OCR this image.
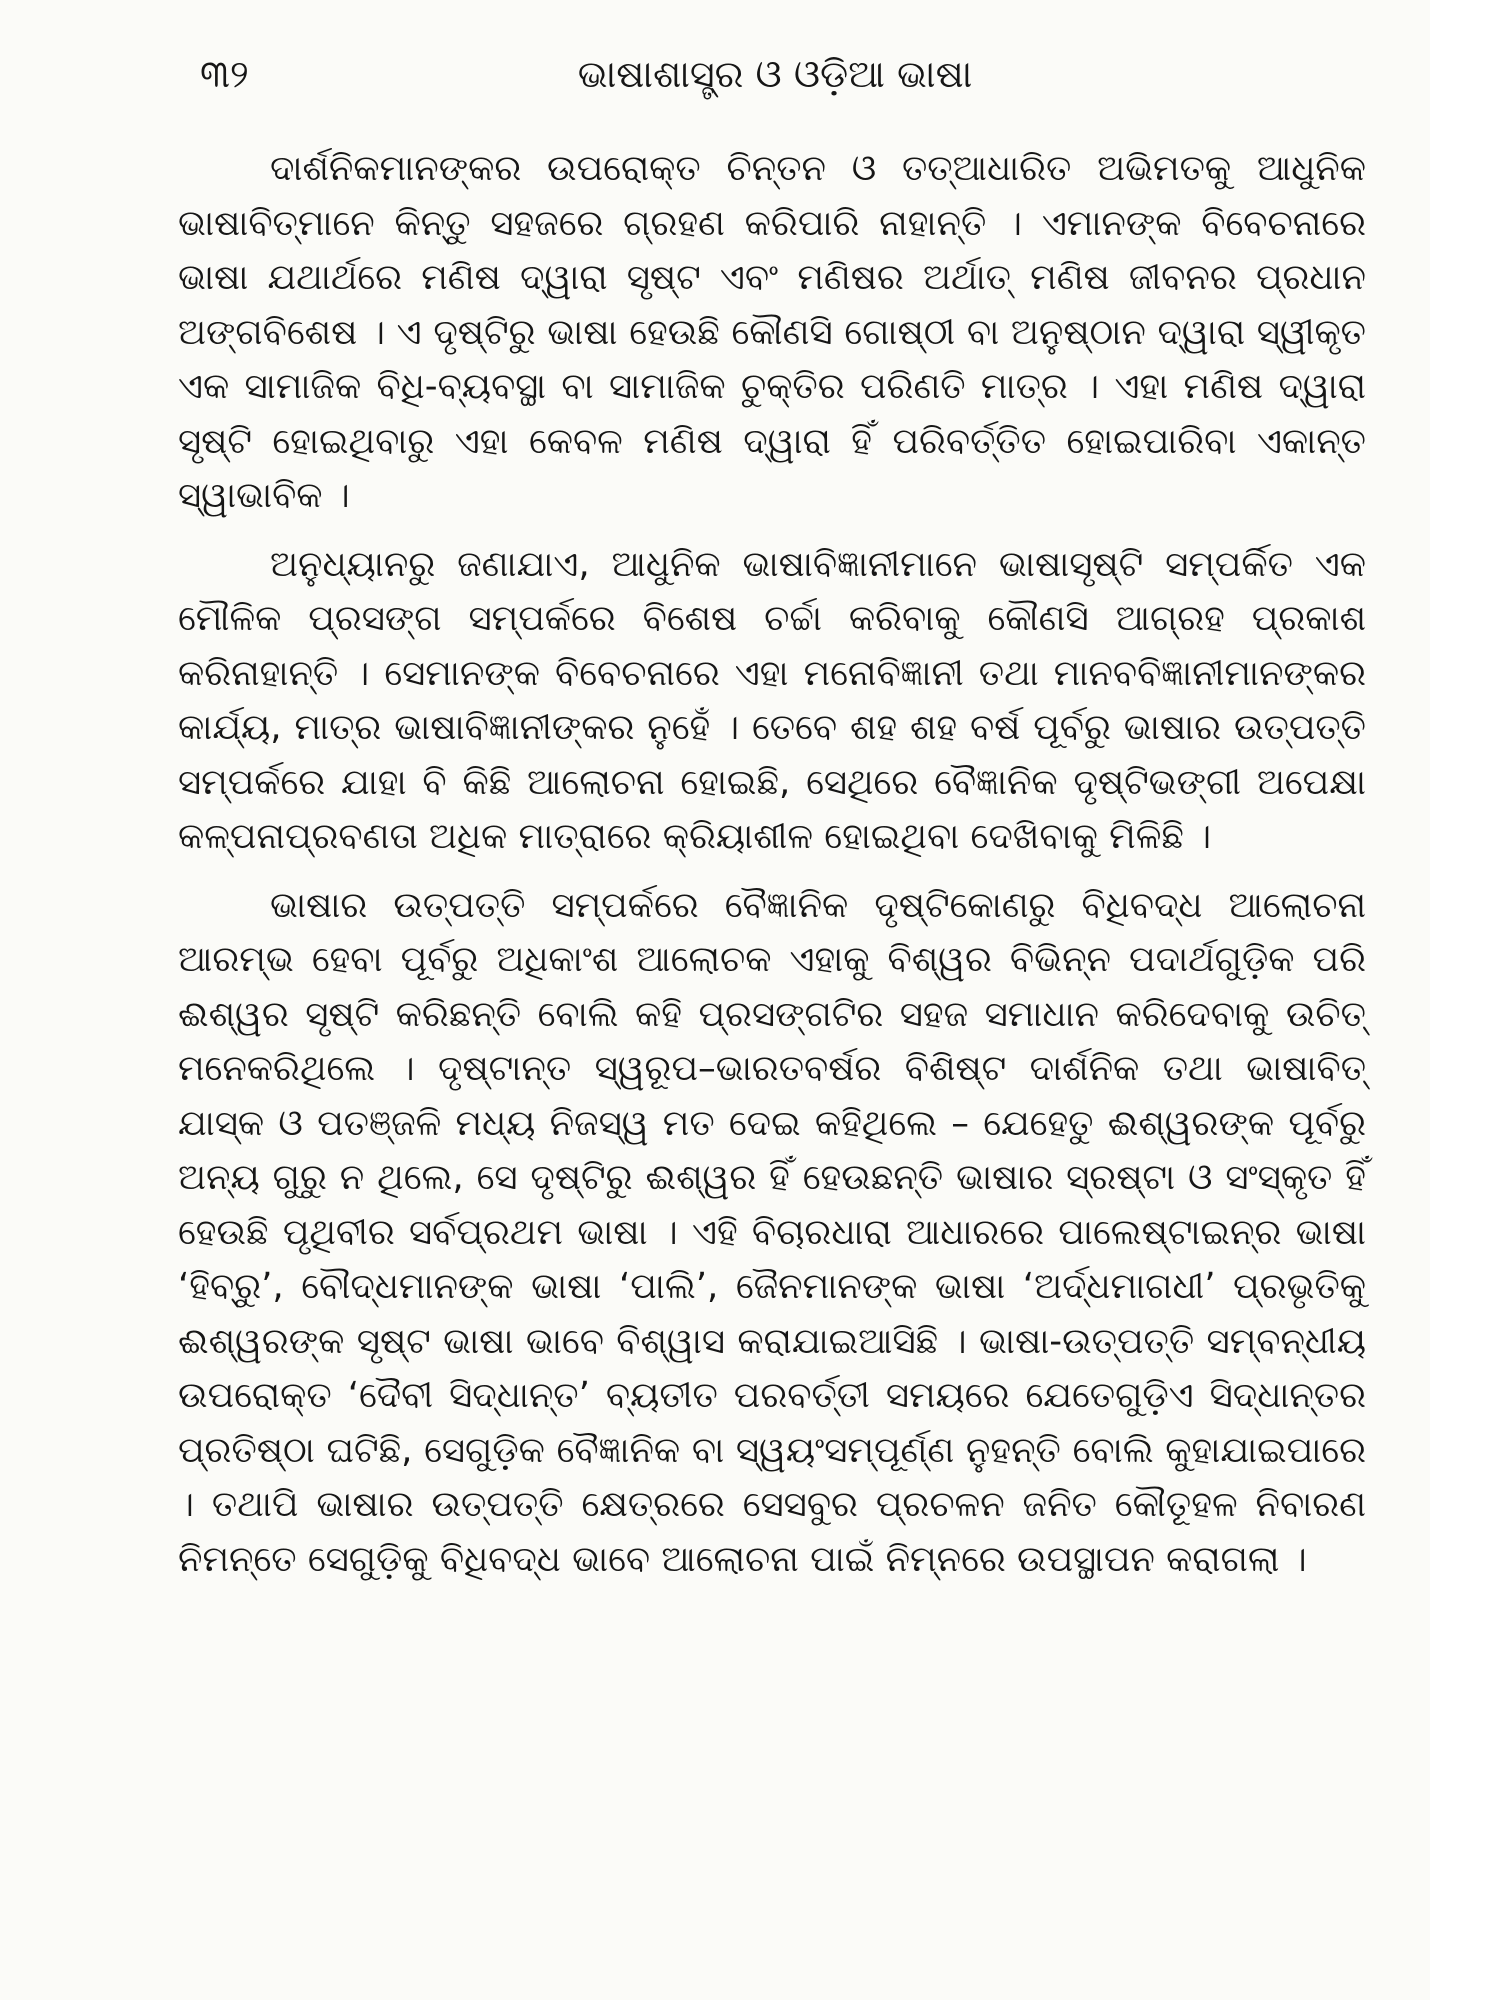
୩୨	ଭାଷାଶାସ୍ତ୍ର ଓ ଓଡ଼ିଆ ଭାଷା

ଦାର୍ଶନିକମାନଙ୍କର ଉପରୋକ୍ତ ଚିନ୍ତନ ଓ ତତ୍‌ଆଧାରିତ ଅଭିମତକୁ ଆଧୁନିକ ଭାଷାବିତ୍‌ମାନେ କିନ୍ତୁ ସହଜରେ ଗ୍ରହଣ କରିପାରି ନାହାନ୍ତି । ଏମାନଙ୍କ ବିବେଚନାରେ ଭାଷା ଯଥାର୍ଥରେ ମଣିଷ ଦ୍ୱାରା ସୃଷ୍ଟ ଏବଂ ମଣିଷର ଅର୍ଥାତ୍ ମଣିଷ ଜୀବନର ପ୍ରଧାନ ଅଙ୍ଗବିଶେଷ । ଏ ଦୃଷ୍ଟିରୁ ଭାଷା ହେଉଛି କୌଣସି ଗୋଷ୍ଠୀ ବା ଅନୁଷ୍ଠାନ ଦ୍ୱାରା ସ୍ୱୀକୃତ ଏକ ସାମାଜିକ ବିଧି-ବ୍ୟବସ୍ଥା ବା ସାମାଜିକ ଚୁକ୍ତିର ପରିଣତି ମାତ୍ର । ଏହା ମଣିଷ ଦ୍ୱାରା ସୃଷ୍ଟି ହୋଇଥିବାରୁ ଏହା କେବଳ ମଣିଷ ଦ୍ୱାରା ହିଁ ପରିବର୍ତ୍ତିତ ହୋଇପାରିବା ଏକାନ୍ତ ସ୍ୱାଭାବିକ ।

ଅନୁଧ୍ୟାନରୁ ଜଣାଯାଏ, ଆଧୁନିକ ଭାଷାବିଜ୍ଞାନୀମାନେ ଭାଷାସୃଷ୍ଟି ସମ୍ପର୍କିତ ଏକ ମୌଳିକ ପ୍ରସଙ୍ଗ ସମ୍ପର୍କରେ ବିଶେଷ ଚର୍ଚ୍ଚା କରିବାକୁ କୌଣସି ଆଗ୍ରହ ପ୍ରକାଶ କରିନାହାନ୍ତି । ସେମାନଙ୍କ ବିବେଚନାରେ ଏହା ମନୋବିଜ୍ଞାନୀ ତଥା ମାନବବିଜ୍ଞାନୀମାନଙ୍କର କାର୍ଯ୍ୟ, ମାତ୍ର ଭାଷାବିଜ୍ଞାନୀଙ୍କର ନୁହେଁ । ତେବେ ଶହ ଶହ ବର୍ଷ ପୂର୍ବରୁ ଭାଷାର ଉତ୍ପତ୍ତି ସମ୍ପର୍କରେ ଯାହା ବି କିଛି ଆଲୋଚନା ହୋଇଛି, ସେଥିରେ ବୈଜ୍ଞାନିକ ଦୃଷ୍ଟିଭଙ୍ଗୀ ଅପେକ୍ଷା କଳ୍ପନାପ୍ରବଣତା ଅଧିକ ମାତ୍ରାରେ କ୍ରିୟାଶୀଳ ହୋଇଥିବା ଦେଖିବାକୁ ମିଳିଛି ।

ଭାଷାର ଉତ୍ପତ୍ତି ସମ୍ପର୍କରେ ବୈଜ୍ଞାନିକ ଦୃଷ୍ଟିକୋଣରୁ ବିଧିବଦ୍ଧ ଆଲୋଚନା ଆରମ୍ଭ ହେବା ପୂର୍ବରୁ ଅଧିକାଂଶ ଆଲୋଚକ ଏହାକୁ ବିଶ୍ୱର ବିଭିନ୍ନ ପଦାର୍ଥଗୁଡ଼ିକ ପରି ଈଶ୍ୱର ସୃଷ୍ଟି କରିଛନ୍ତି ବୋଲି କହି ପ୍ରସଙ୍ଗଟିର ସହଜ ସମାଧାନ କରିଦେବାକୁ ଉଚିତ୍ ମନେକରିଥିଲେ । ଦୃଷ୍ଟାନ୍ତ ସ୍ୱରୂପ–ଭାରତବର୍ଷର ବିଶିଷ୍ଟ ଦାର୍ଶନିକ ତଥା ଭାଷାବିତ୍ ଯାସ୍କ ଓ ପତଞ୍ଜଳି ମଧ୍ୟ ନିଜସ୍ୱ ମତ ଦେଇ କହିଥିଲେ – ଯେହେତୁ ଈଶ୍ୱରଙ୍କ ପୂର୍ବରୁ ଅନ୍ୟ ଗୁରୁ ନ ଥିଲେ, ସେ ଦୃଷ୍ଟିରୁ ଈଶ୍ୱର ହିଁ ହେଉଛନ୍ତି ଭାଷାର ସ୍ରଷ୍ଟା ଓ ସଂସ୍କୃତ ହିଁ ହେଉଛି ପୃଥିବୀର ସର୍ବପ୍ରଥମ ଭାଷା । ଏହି ବିଚାରଧାରା ଆଧାରରେ ପାଲେଷ୍ଟାଇନ୍‌ର ଭାଷା ‘ହିବ୍ରୁ’, ବୌଦ୍ଧମାନଙ୍କ ଭାଷା ‘ପାଲି’, ଜୈନମାନଙ୍କ ଭାଷା ‘ଅର୍ଦ୍ଧମାଗଧୀ’ ପ୍ରଭୃତିକୁ ଈଶ୍ୱରଙ୍କ ସୃଷ୍ଟ ଭାଷା ଭାବେ ବିଶ୍ୱାସ କରାଯାଇଆସିଛି । ଭାଷା-ଉତ୍ପତ୍ତି ସମ୍ବନ୍ଧୀୟ ଉପରୋକ୍ତ ‘ଦୈବୀ ସିଦ୍ଧାନ୍ତ’ ବ୍ୟତୀତ ପରବର୍ତ୍ତୀ ସମୟରେ ଯେତେଗୁଡ଼ିଏ ସିଦ୍ଧାନ୍ତର ପ୍ରତିଷ୍ଠା ଘଟିଛି, ସେଗୁଡ଼ିକ ବୈଜ୍ଞାନିକ ବା ସ୍ୱୟଂସମ୍ପୂର୍ଣ୍ଣ ନୁହନ୍ତି ବୋଲି କୁହାଯାଇପାରେ । ତଥାପି ଭାଷାର ଉତ୍ପତ୍ତି କ୍ଷେତ୍ରରେ ସେସବୁର ପ୍ରଚଳନ ଜନିତ କୌତୂହଳ ନିବାରଣ ନିମନ୍ତେ ସେଗୁଡ଼ିକୁ ବିଧିବଦ୍ଧ ଭାବେ ଆଲୋଚନା ପାଇଁ ନିମ୍ନରେ ଉପସ୍ଥାପନ କରାଗଲା ।
